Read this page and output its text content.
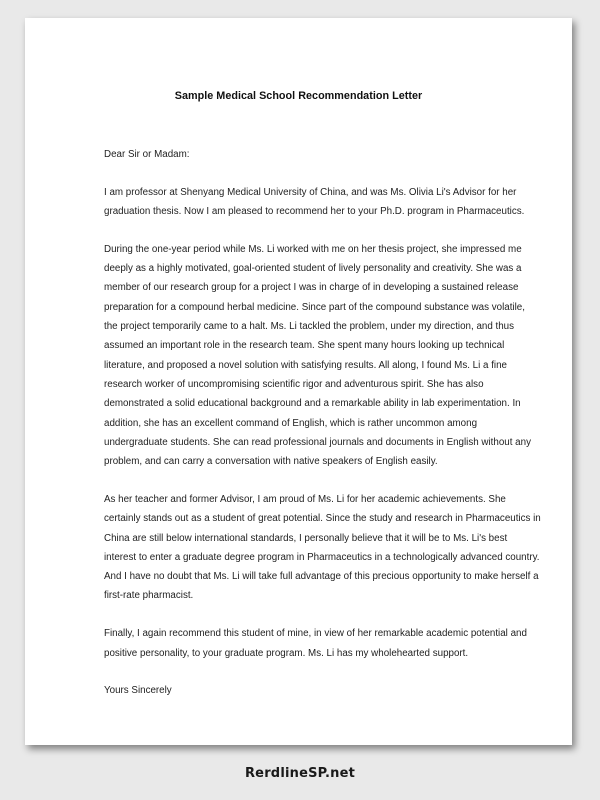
Sample Medical School Recommendation Letter

Dear Sir or Madam:

I am professor at Shenyang Medical University of China, and was Ms. Olivia Li's Advisor for her graduation thesis. Now I am pleased to recommend her to your Ph.D. program in Pharmaceutics.

During the one-year period while Ms. Li worked with me on her thesis project, she impressed me deeply as a highly motivated, goal-oriented student of lively personality and creativity. She was a member of our research group for a project I was in charge of in developing a sustained release preparation for a compound herbal medicine. Since part of the compound substance was volatile, the project temporarily came to a halt. Ms. Li tackled the problem, under my direction, and thus assumed an important role in the research team. She spent many hours looking up technical literature, and proposed a novel solution with satisfying results. All along, I found Ms. Li a fine research worker of uncompromising scientific rigor and adventurous spirit. She has also demonstrated a solid educational background and a remarkable ability in lab experimentation. In addition, she has an excellent command of English, which is rather uncommon among undergraduate students. She can read professional journals and documents in English without any problem, and can carry a conversation with native speakers of English easily.

As her teacher and former Advisor, I am proud of Ms. Li for her academic achievements. She certainly stands out as a student of great potential. Since the study and research in Pharmaceutics in China are still below international standards, I personally believe that it will be to Ms. Li's best interest to enter a graduate degree program in Pharmaceutics in a technologically advanced country. And I have no doubt that Ms. Li will take full advantage of this precious opportunity to make herself a first-rate pharmacist.

Finally, I again recommend this student of mine, in view of her remarkable academic potential and positive personality, to your graduate program. Ms. Li has my wholehearted support.

Yours Sincerely

RerdlineSP.net
